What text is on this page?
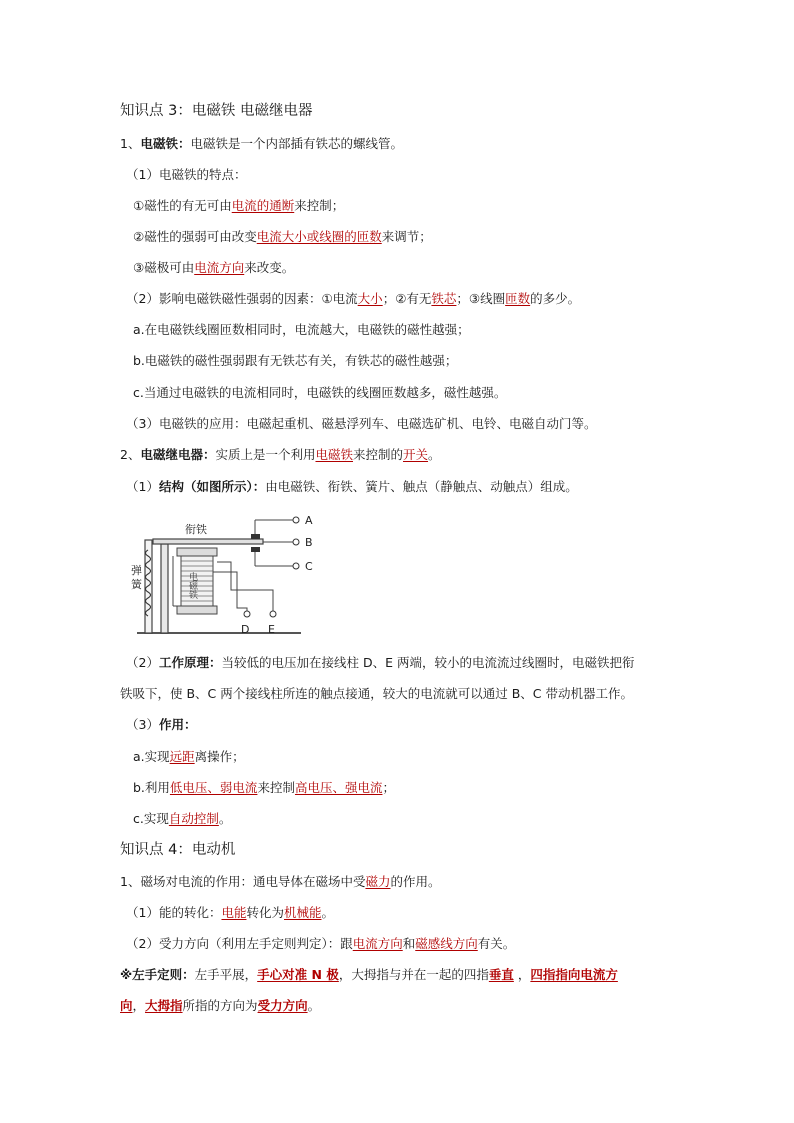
知识点 3：电磁铁 电磁继电器
1、电磁铁：电磁铁是一个内部插有铁芯的螺线管。
（1）电磁铁的特点：
①磁性的有无可由电流的通断来控制；
②磁性的强弱可由改变电流大小或线圈的匝数来调节；
③磁极可由电流方向来改变。
（2）影响电磁铁磁性强弱的因素：①电流大小；②有无铁芯；③线圈匝数的多少。
a.在电磁铁线圈匝数相同时，电流越大，电磁铁的磁性越强；
b.电磁铁的磁性强弱跟有无铁芯有关，有铁芯的磁性越强；
c.当通过电磁铁的电流相同时，电磁铁的线圈匝数越多，磁性越强。
（3）电磁铁的应用：电磁起重机、磁悬浮列车、电磁选矿机、电铃、电磁自动门等。
2、电磁继电器：实质上是一个利用电磁铁来控制的开关。
（1）结构（如图所示）：由电磁铁、衔铁、簧片、触点（静触点、动触点）组成。
弹
簧
衔铁
电磁铁
A
B
C
D E
（2）工作原理：当较低的电压加在接线柱 D、E 两端，较小的电流流过线圈时，电磁铁把衔
铁吸下，使 B、C 两个接线柱所连的触点接通，较大的电流就可以通过 B、C 带动机器工作。
（3）作用：
a.实现远距离操作；
b.利用低电压、弱电流来控制高电压、强电流；
c.实现自动控制。
知识点 4：电动机
1、磁场对电流的作用：通电导体在磁场中受磁力的作用。
（1）能的转化：电能转化为机械能。
（2）受力方向（利用左手定则判定）：跟电流方向和磁感线方向有关。
※左手定则：左手平展，手心对准 N 极，大拇指与并在一起的四指垂直 ，四指指向电流方
向，大拇指所指的方向为受力方向。
